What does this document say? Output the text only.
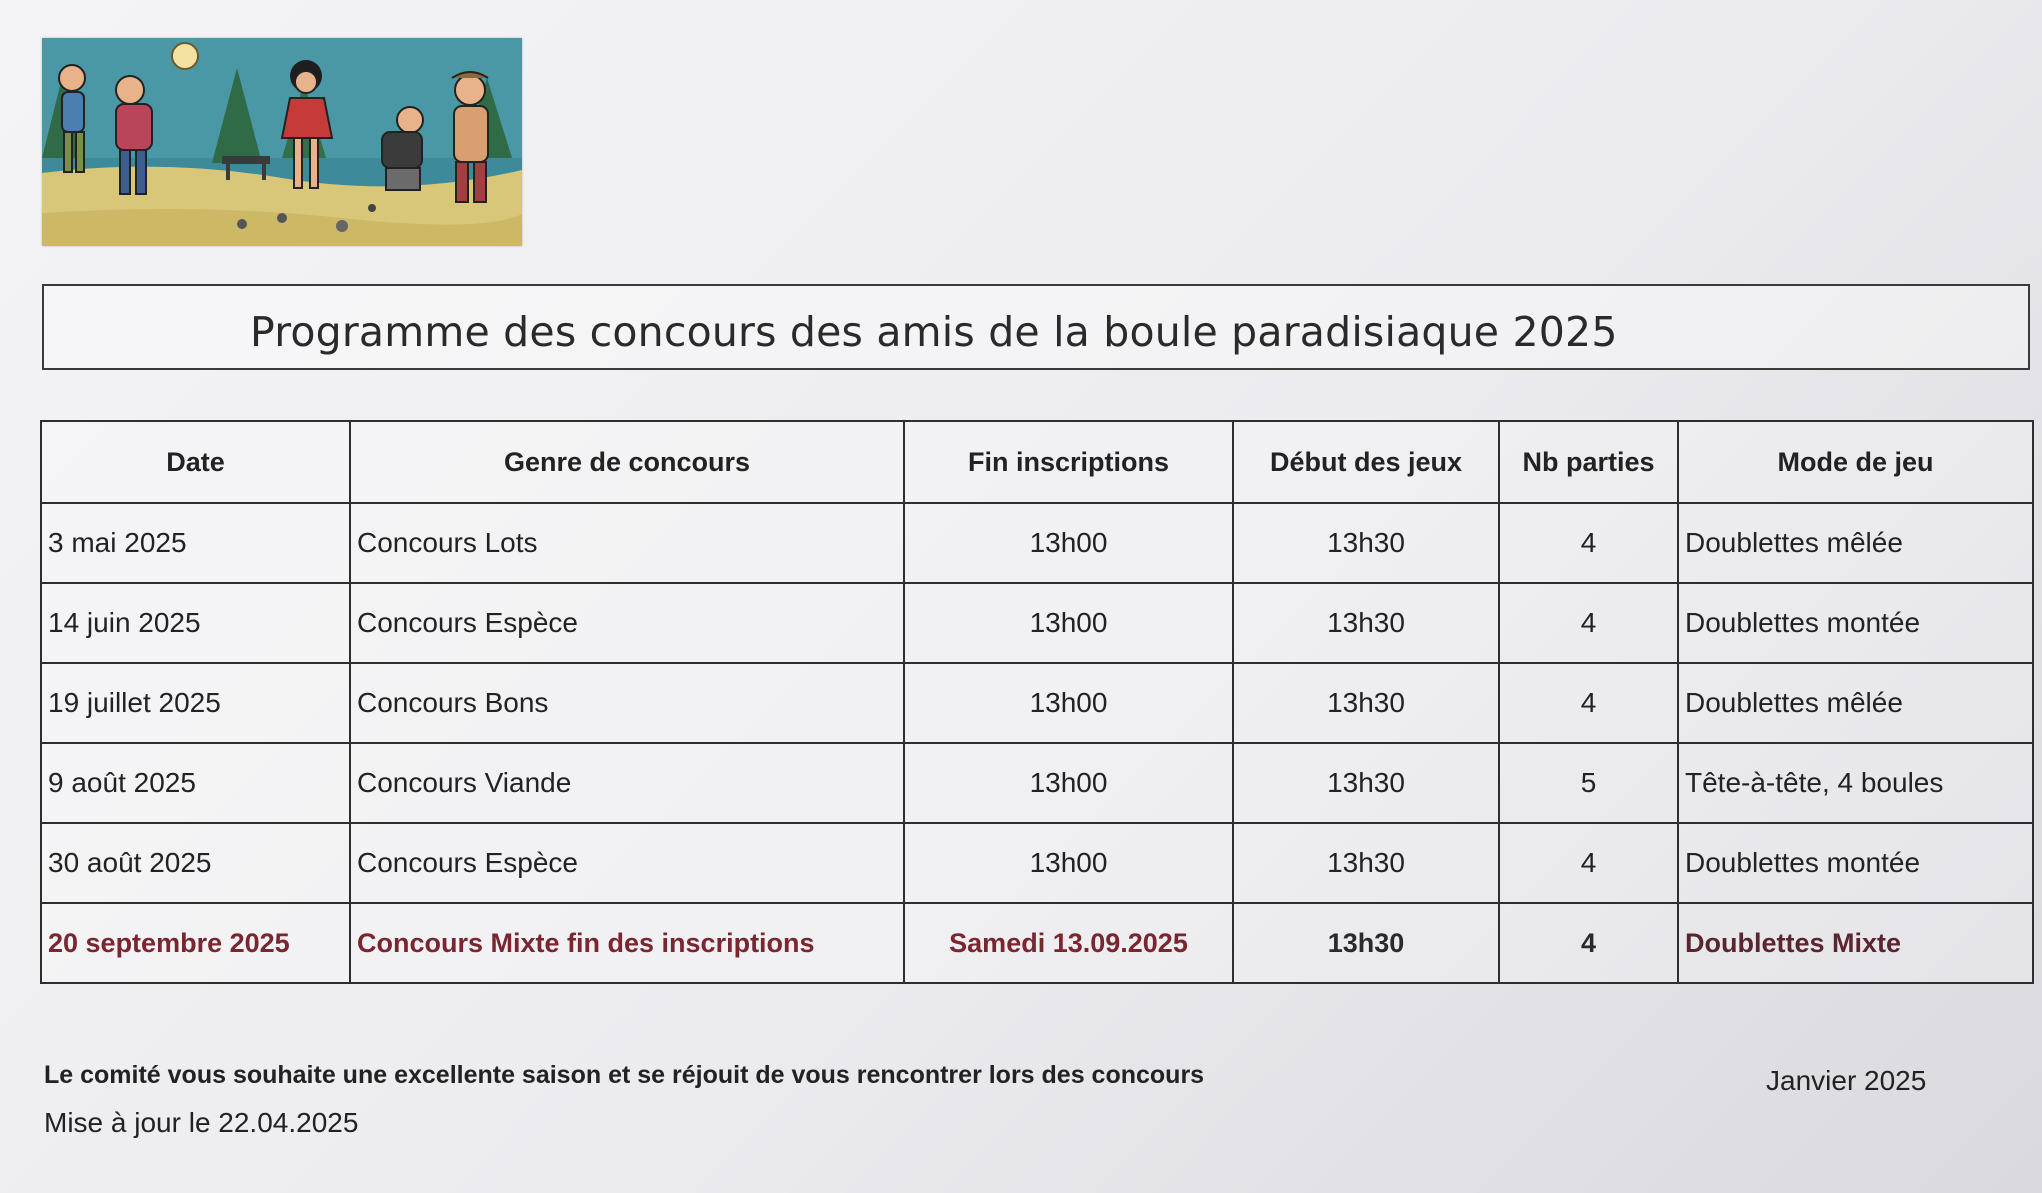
Programme des concours des amis de la boule paradisiaque 2025
Date	Genre de concours	Fin inscriptions	Début des jeux	Nb parties	Mode de jeu
3 mai 2025	Concours Lots	13h00	13h30	4	Doublettes mêlée
14 juin 2025	Concours Espèce	13h00	13h30	4	Doublettes montée
19 juillet 2025	Concours Bons	13h00	13h30	4	Doublettes mêlée
9 août 2025	Concours Viande	13h00	13h30	5	Tête-à-tête, 4 boules
30 août 2025	Concours Espèce	13h00	13h30	4	Doublettes montée
20 septembre 2025	Concours Mixte fin des inscriptions	Samedi 13.09.2025	13h30	4	Doublettes Mixte
Le comité vous souhaite une excellente saison et se réjouit de vous rencontrer lors des concours	Janvier 2025
Mise à jour le 22.04.2025
